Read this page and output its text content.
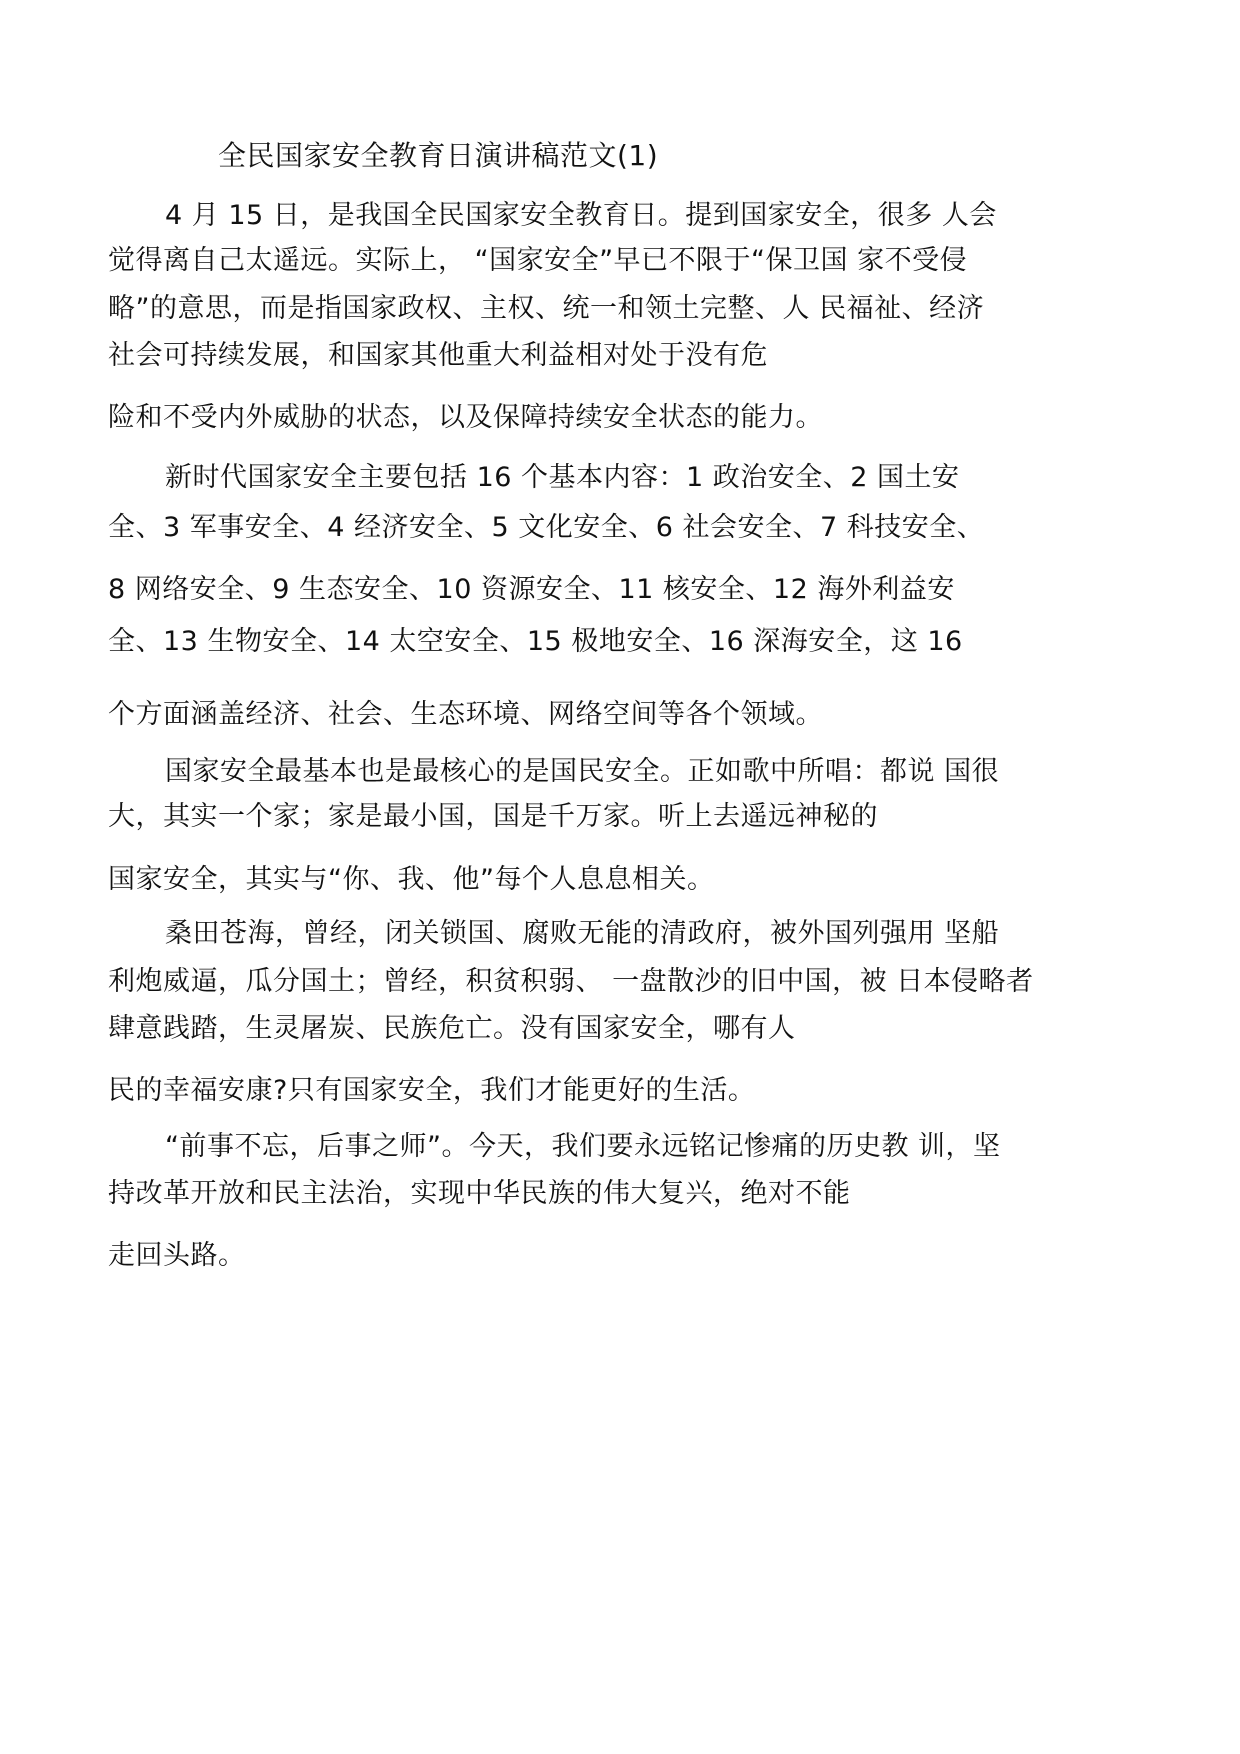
全民国家安全教育日演讲稿范文(1)
4 月 15 日，是我国全民国家安全教育日。提到国家安全，很多 人会
觉得离自己太遥远。实际上， “国家安全”早已不限于“保卫国 家不受侵
略”的意思，而是指国家政权、主权、统一和领土完整、人 民福祉、经济
社会可持续发展，和国家其他重大利益相对处于没有危
险和不受内外威胁的状态，以及保障持续安全状态的能力。
新时代国家安全主要包括 16 个基本内容：1 政治安全、2 国土安
全、3 军事安全、4 经济安全、5 文化安全、6 社会安全、7 科技安全、
8 网络安全、9 生态安全、10 资源安全、11 核安全、12 海外利益安
全、13 生物安全、14 太空安全、15 极地安全、16 深海安全，这 16
个方面涵盖经济、社会、生态环境、网络空间等各个领域。
国家安全最基本也是最核心的是国民安全。正如歌中所唱：都说 国很
大，其实一个家；家是最小国，国是千万家。听上去遥远神秘的
国家安全，其实与“你、我、他”每个人息息相关。
桑田苍海，曾经，闭关锁国、腐败无能的清政府，被外国列强用 坚船
利炮威逼，瓜分国土；曾经，积贫积弱、 一盘散沙的旧中国，被 日本侵略者
肆意践踏，生灵屠炭、民族危亡。没有国家安全，哪有人
民的幸福安康?只有国家安全，我们才能更好的生活。
“前事不忘，后事之师”。今天，我们要永远铭记惨痛的历史教 训，坚
持改革开放和民主法治，实现中华民族的伟大复兴，绝对不能
走回头路。
